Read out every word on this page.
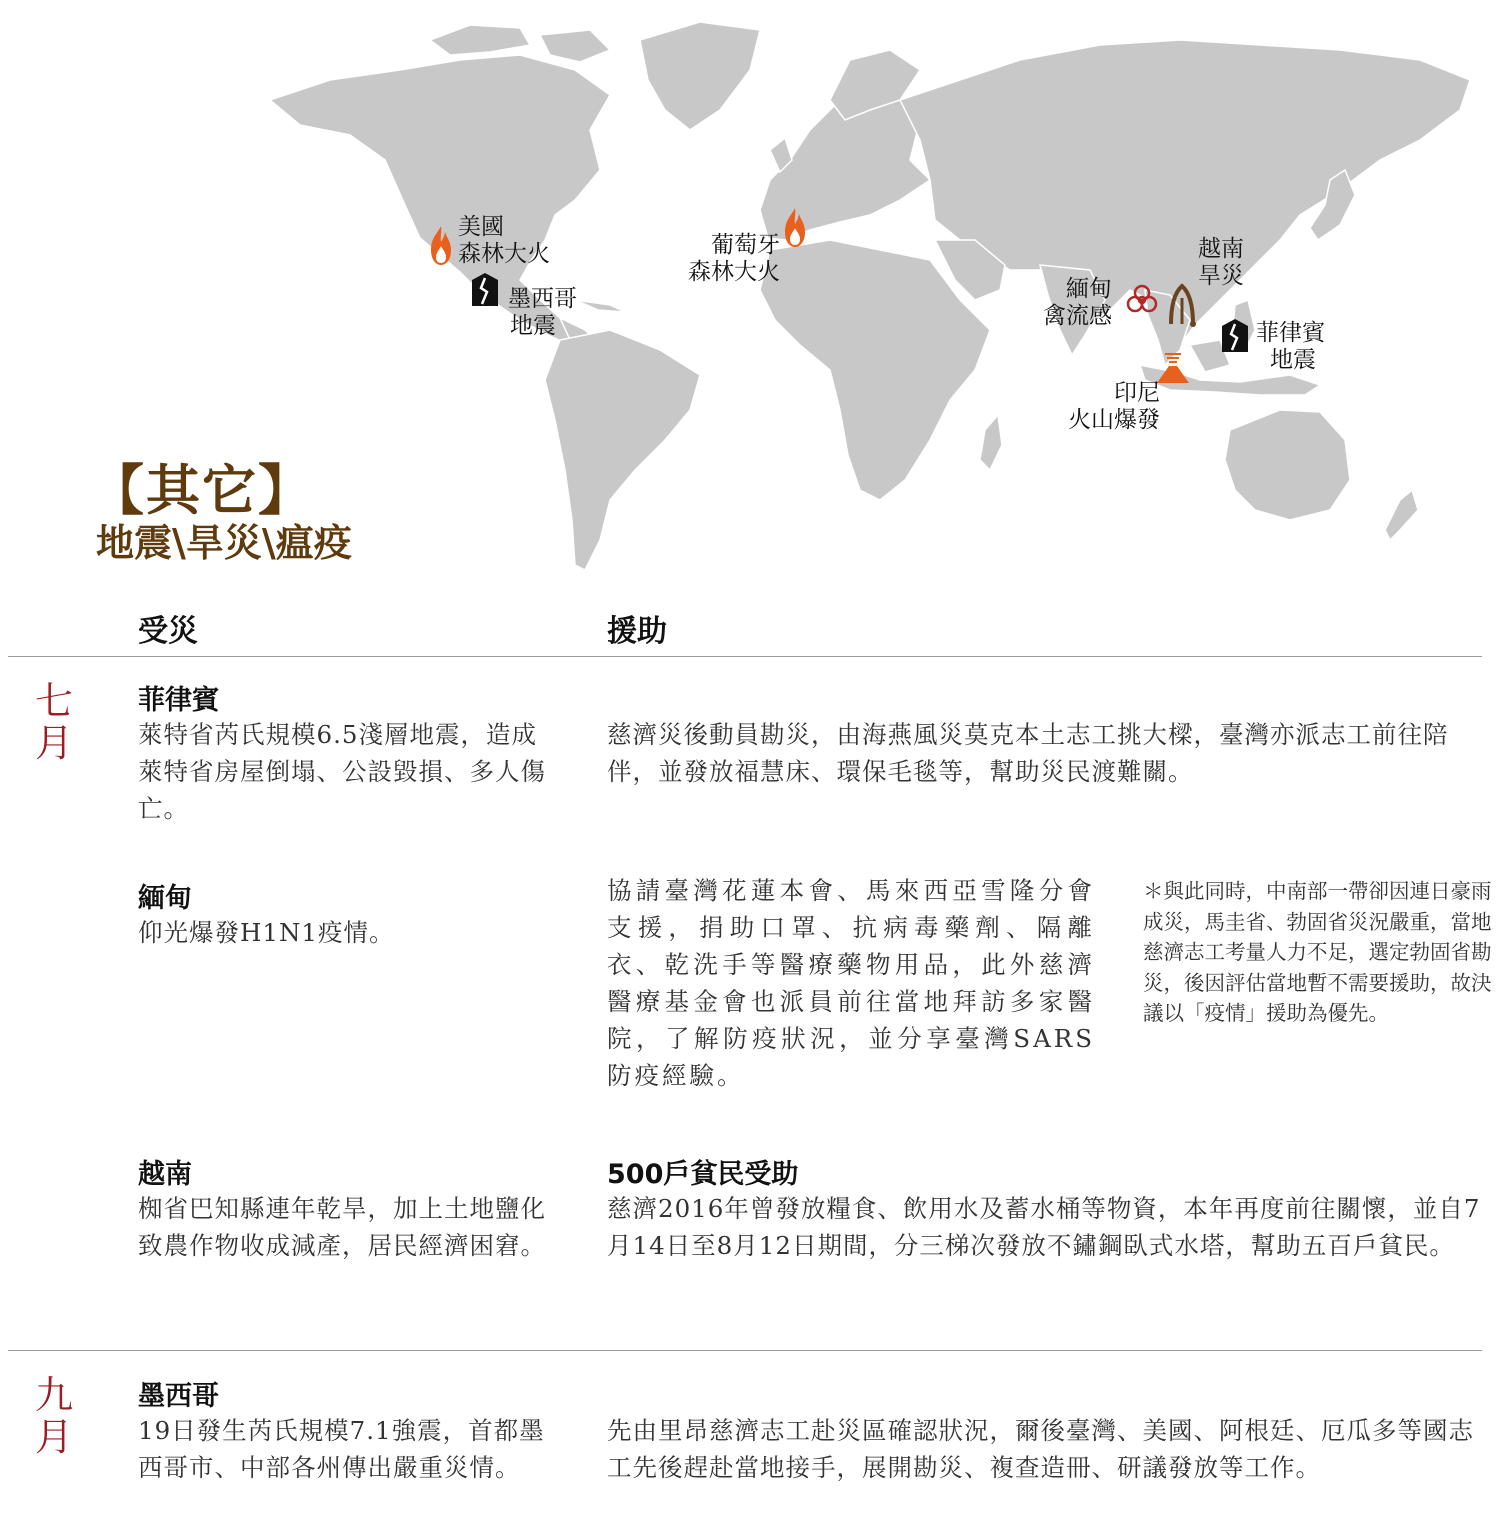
美國
森林大火
墨西哥
地震
葡萄牙
森林大火
緬甸
禽流感
越南
旱災
菲律賓
地震
印尼
火山爆發
【其它】
地震\旱災\瘟疫
受災	援助
七
月
菲律賓
萊特省芮氏規模6.5淺層地震，造成萊特省房屋倒塌、公設毀損、多人傷亡。
慈濟災後動員勘災，由海燕風災莫克本土志工挑大樑，臺灣亦派志工前往陪伴，並發放福慧床、環保毛毯等，幫助災民渡難關。
緬甸
仰光爆發H1N1疫情。
協請臺灣花蓮本會、馬來西亞雪隆分會支援，捐助口罩、抗病毒藥劑、隔離衣、乾洗手等醫療藥物用品，此外慈濟醫療基金會也派員前往當地拜訪多家醫院，了解防疫狀況，並分享臺灣SARS防疫經驗。
＊與此同時，中南部一帶卻因連日豪雨成災，馬圭省、勃固省災況嚴重，當地慈濟志工考量人力不足，選定勃固省勘災，後因評估當地暫不需要援助，故決議以「疫情」援助為優先。
越南
椥省巴知縣連年乾旱，加上土地鹽化致農作物收成減產，居民經濟困窘。
500戶貧民受助
慈濟2016年曾發放糧食、飲用水及蓄水桶等物資，本年再度前往關懷，並自7月14日至8月12日期間，分三梯次發放不鏽鋼臥式水塔，幫助五百戶貧民。
九
月
墨西哥
19日發生芮氏規模7.1強震，首都墨西哥市、中部各州傳出嚴重災情。
先由里昂慈濟志工赴災區確認狀況，爾後臺灣、美國、阿根廷、厄瓜多等國志工先後趕赴當地接手，展開勘災、複查造冊、研議發放等工作。
